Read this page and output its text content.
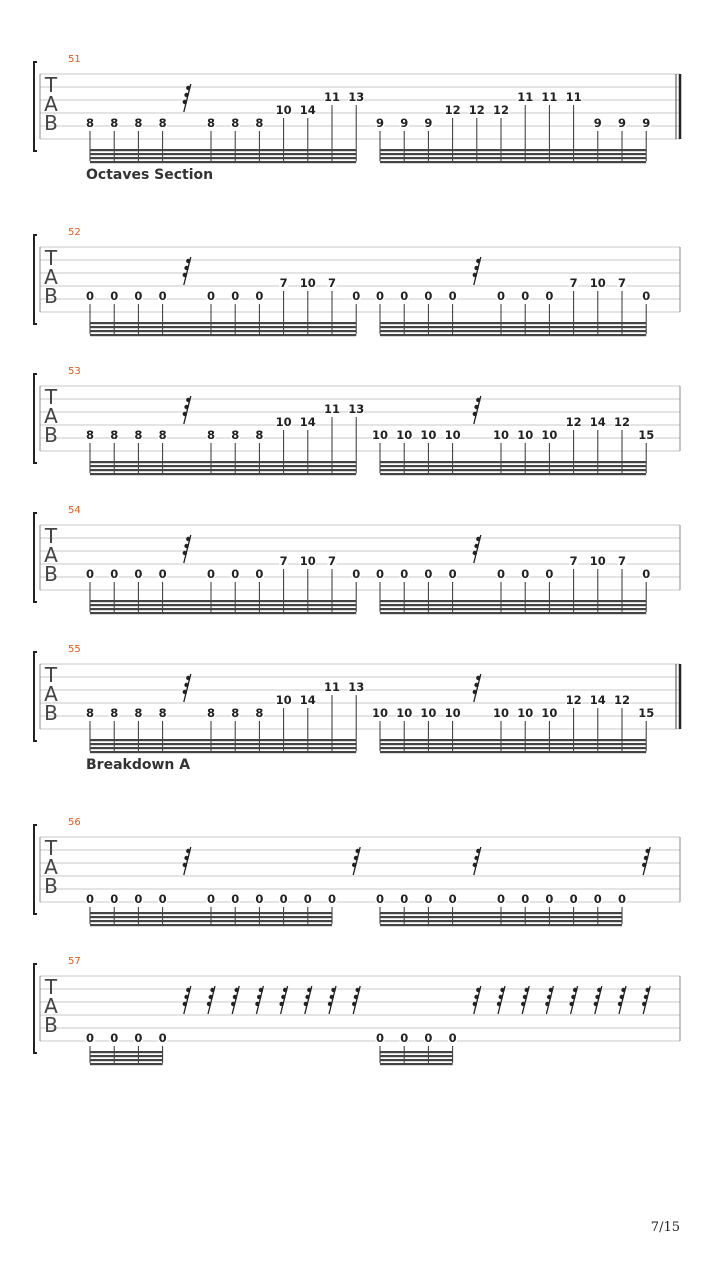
51
T
A
B 8 8 8 8	8 8 8
10 14
11 13
9 9 9
12 12 12
11 11 11
9 9 9
Octaves Section
52
T
A
B 0 0 0 0	0 0 0
7 10 7
0 0 0 0 0	0 0 0
7 10 7
0
53
T
A
B 8 8 8 8	8 8 8
10 14
11 13
10 10 10 10	10 10 10
12 14 12
15
54
T
A
B 0 0 0 0	0 0 0
7 10 7
0 0 0 0 0	0 0 0
7 10 7
0
55
T
A
B 8 8 8 8	8 8 8
10 14
11 13
10 10 10 10	10 10 10
12 14 12
15
Breakdown A
56
T
A
B
0 0 0 0	0 0 0 0 0 0	0 0 0 0	0 0 0 0 0 0
57
T
A
B
0 0 0 0	0 0 0 0
7/15
